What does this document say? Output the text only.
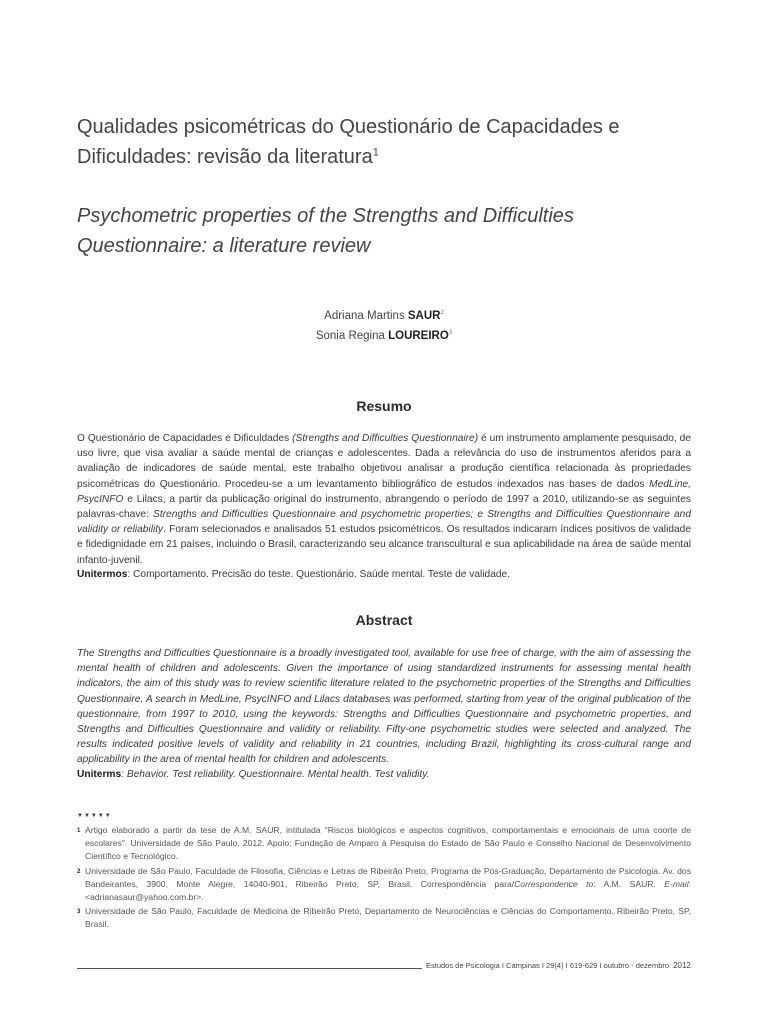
Qualidades psicométricas do Questionário de Capacidades e Dificuldades: revisão da literatura$^1$
Psychometric properties of the Strengths and Difficulties Questionnaire: a literature review
Adriana Martins SAUR$^2$
Sonia Regina LOUREIRO$^3$
Resumo

O Questionário de Capacidades e Dificuldades (Strengths and Difficulties Questionnaire) é um instrumento amplamente pesquisado, de uso livre, que visa avaliar a saúde mental de crianças e adolescentes. Dada a relevância do uso de instrumentos aferidos para a avaliação de indicadores de saúde mental, este trabalho objetivou analisar a produção científica relacionada às propriedades psicométricas do Questionário. Procedeu-se a um levantamento bibliográfico de estudos indexados nas bases de dados MedLine, PsycINFO e Lilacs, a partir da publicação original do instrumento, abrangendo o período de 1997 a 2010, utilizando-se as seguintes palavras-chave: Strengths and Difficulties Questionnaire and psychometric properties; e Strengths and Difficulties Questionnaire and validity or reliability. Foram selecionados e analisados 51 estudos psicométricos. Os resultados indicaram índices positivos de validade e fidedignidade em 21 países, incluindo o Brasil, caracterizando seu alcance transcultural e sua aplicabilidade na área de saúde mental infanto-juvenil.

Unitermos: Comportamento. Precisão do teste. Questionário. Saúde mental. Teste de validade.

Abstract

The Strengths and Difficulties Questionnaire is a broadly investigated tool, available for use free of charge, with the aim of assessing the mental health of children and adolescents. Given the importance of using standardized instruments for assessing mental health indicators, the aim of this study was to review scientific literature related to the psychometric properties of the Strengths and Difficulties Questionnaire. A search in MedLine, PsycINFO and Lilacs databases was performed, starting from year of the original publication of the questionnaire, from 1997 to 2010, using the keywords: Strengths and Difficulties Questionnaire and psychometric properties, and Strengths and Difficulties Questionnaire and validity or reliability. Fifty-one psychometric studies were selected and analyzed. The results indicated positive levels of validity and reliability in 21 countries, including Brazil, highlighting its cross-cultural range and applicability in the area of mental health for children and adolescents.

Uniterms: Behavior. Test reliability. Questionnaire. Mental health. Test validity.

▼▼▼▼▼
1 Artigo elaborado a partir da tese de A.M. SAUR, intitulada "Riscos biológicos e aspectos cognitivos, comportamentais e emocionais de uma coorte de escolares". Universidade de São Paulo, 2012. Apoio: Fundação de Amparo à Pesquisa do Estado de São Paulo e Conselho Nacional de Desenvolvimento Científico e Tecnológico.
2 Universidade de São Paulo, Faculdade de Filosofia, Ciências e Letras de Ribeirão Preto, Programa de Pós-Graduação, Departamento de Psicologia. Av. dos Bandeirantes, 3900, Monte Alegre, 14040-901, Ribeirão Preto, SP, Brasil. Correspondência para/Correspondence to: A.M. SAUR. E-mail: <adrianasaur@yahoo.com.br>.
3 Universidade de São Paulo, Faculdade de Medicina de Ribeirão Preto, Departamento de Neurociências e Ciências do Comportamento. Ribeirão Preto, SP, Brasil.
Estudos de Psicologia I Campinas I 29(4) I 619-629 I outubro - dezembro 2012
